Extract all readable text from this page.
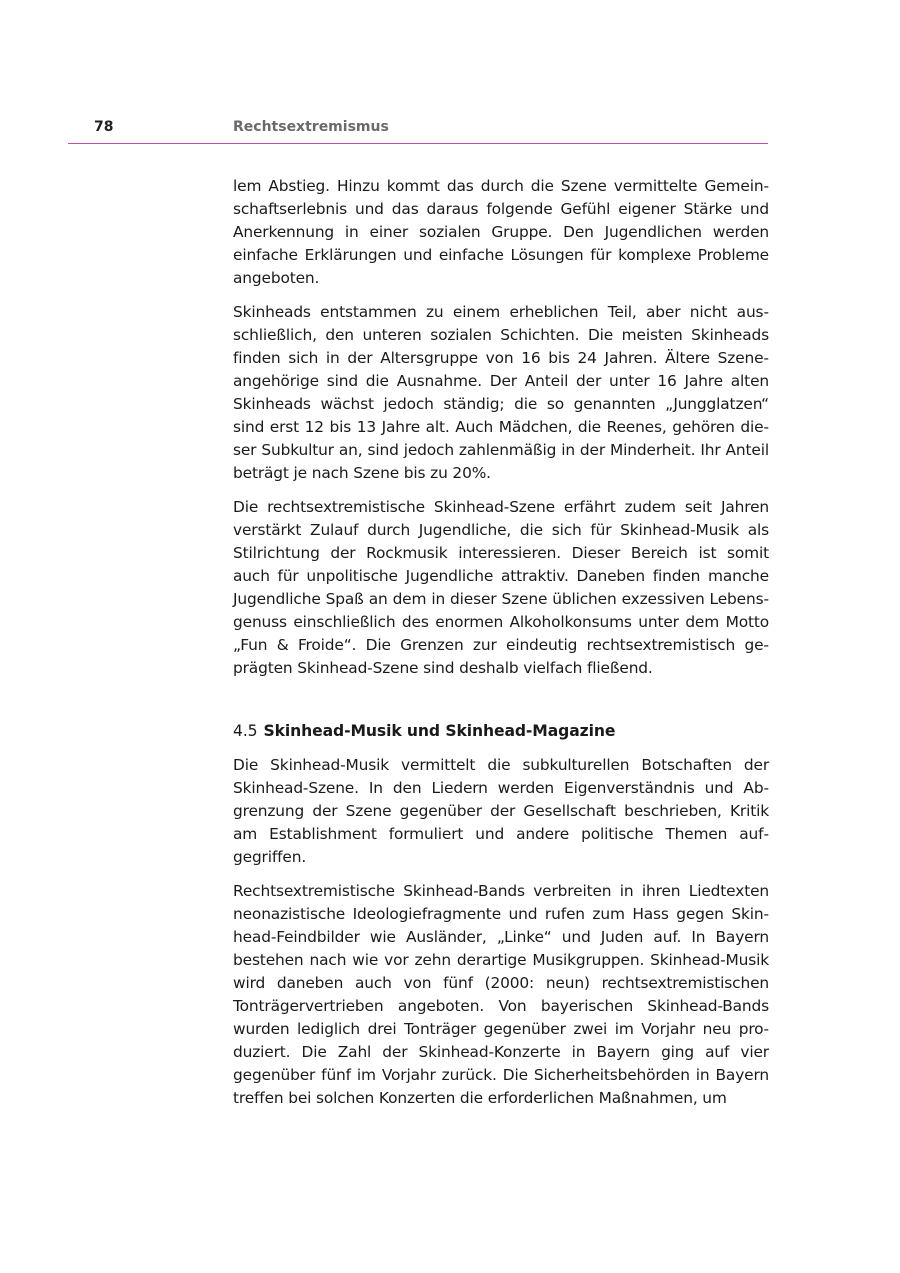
78	Rechtsextremismus

lem Abstieg. Hinzu kommt das durch die Szene vermittelte Gemeinschaftserlebnis und das daraus folgende Gefühl eigener Stärke und Anerkennung in einer sozialen Gruppe. Den Jugendlichen werden einfache Erklärungen und einfache Lösungen für komplexe Probleme angeboten.

Skinheads entstammen zu einem erheblichen Teil, aber nicht ausschließlich, den unteren sozialen Schichten. Die meisten Skinheads finden sich in der Altersgruppe von 16 bis 24 Jahren. Ältere Szeneangehörige sind die Ausnahme. Der Anteil der unter 16 Jahre alten Skinheads wächst jedoch ständig; die so genannten „Jungglatzen“ sind erst 12 bis 13 Jahre alt. Auch Mädchen, die Reenes, gehören dieser Subkultur an, sind jedoch zahlenmäßig in der Minderheit. Ihr Anteil beträgt je nach Szene bis zu 20%.

Die rechtsextremistische Skinhead-Szene erfährt zudem seit Jahren verstärkt Zulauf durch Jugendliche, die sich für Skinhead-Musik als Stilrichtung der Rockmusik interessieren. Dieser Bereich ist somit auch für unpolitische Jugendliche attraktiv. Daneben finden manche Jugendliche Spaß an dem in dieser Szene üblichen exzessiven Lebensgenuss einschließlich des enormen Alkoholkonsums unter dem Motto „Fun & Froide“. Die Grenzen zur eindeutig rechtsextremistisch geprägten Skinhead-Szene sind deshalb vielfach fließend.

4.5 Skinhead-Musik und Skinhead-Magazine

Die Skinhead-Musik vermittelt die subkulturellen Botschaften der Skinhead-Szene. In den Liedern werden Eigenverständnis und Abgrenzung der Szene gegenüber der Gesellschaft beschrieben, Kritik am Establishment formuliert und andere politische Themen aufgegriffen.

Rechtsextremistische Skinhead-Bands verbreiten in ihren Liedtexten neonazistische Ideologiefragmente und rufen zum Hass gegen Skinhead-Feindbilder wie Ausländer, „Linke“ und Juden auf. In Bayern bestehen nach wie vor zehn derartige Musikgruppen. Skinhead-Musik wird daneben auch von fünf (2000: neun) rechtsextremistischen Tonträgervertrieben angeboten. Von bayerischen Skinhead-Bands wurden lediglich drei Tonträger gegenüber zwei im Vorjahr neu produziert. Die Zahl der Skinhead-Konzerte in Bayern ging auf vier gegenüber fünf im Vorjahr zurück. Die Sicherheitsbehörden in Bayern treffen bei solchen Konzerten die erforderlichen Maßnahmen, um
